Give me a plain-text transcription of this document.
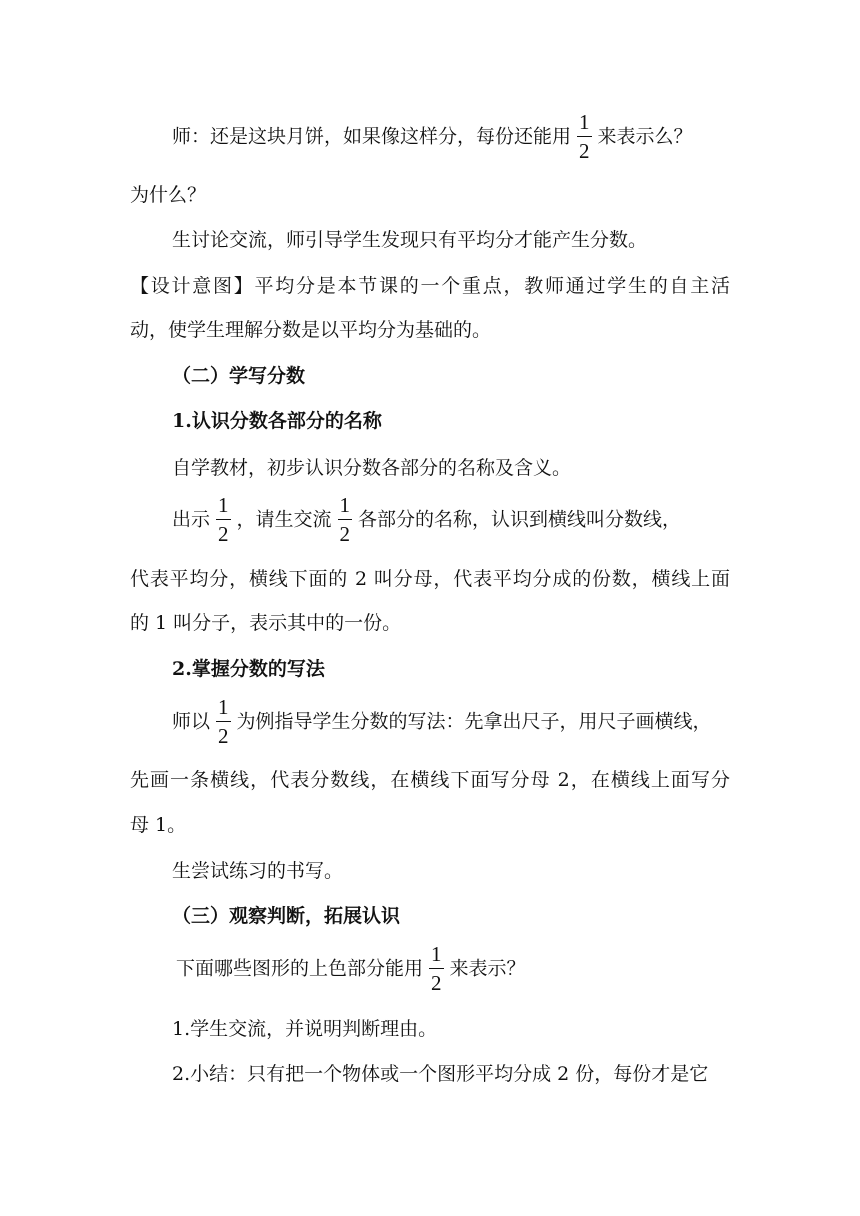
师：还是这块月饼，如果像这样分，每份还能用 $\frac{1}{2}$ 来表示么？
为什么？
生讨论交流，师引导学生发现只有平均分才能产生分数。
【设计意图】平均分是本节课的一个重点，教师通过学生的自主活
动，使学生理解分数是以平均分为基础的。
（二）学写分数
1.认识分数各部分的名称
自学教材，初步认识分数各部分的名称及含义。
出示 $\frac{1}{2}$ ，请生交流 $\frac{1}{2}$ 各部分的名称，认识到横线叫分数线，
代表平均分，横线下面的 2 叫分母，代表平均分成的份数，横线上面
的 1 叫分子，表示其中的一份。
2.掌握分数的写法
师以 $\frac{1}{2}$ 为例指导学生分数的写法：先拿出尺子，用尺子画横线，
先画一条横线，代表分数线，在横线下面写分母 2，在横线上面写分
母 1。
生尝试练习的书写。
（三）观察判断，拓展认识
下面哪些图形的上色部分能用 $\frac{1}{2}$ 来表示？
1.学生交流，并说明判断理由。
2.小结：只有把一个物体或一个图形平均分成 2 份，每份才是它
